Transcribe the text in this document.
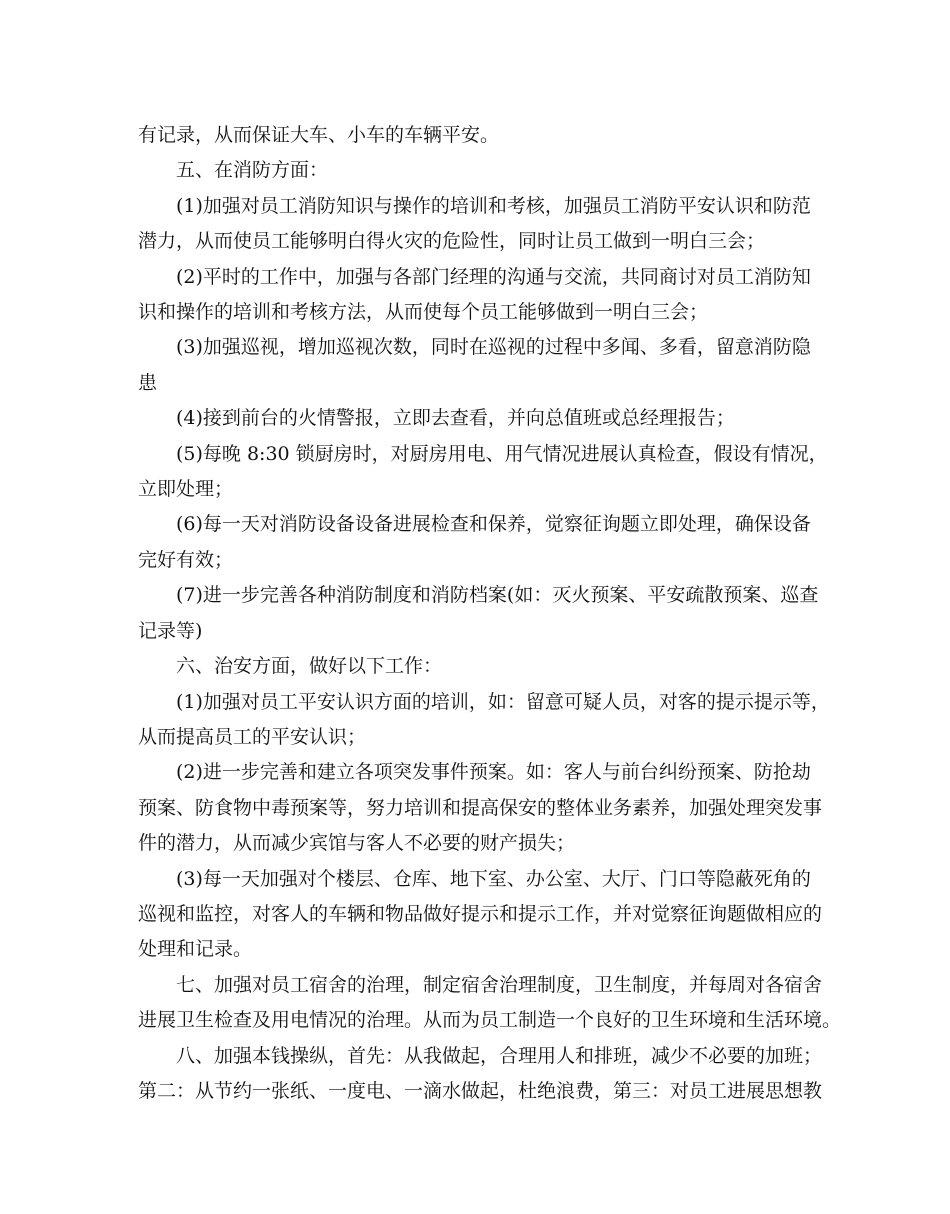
有记录，从而保证大车、小车的车辆平安。

五、在消防方面：

(1)加强对员工消防知识与操作的培训和考核，加强员工消防平安认识和防范

潜力，从而使员工能够明白得火灾的危险性，同时让员工做到一明白三会；

(2)平时的工作中，加强与各部门经理的沟通与交流，共同商讨对员工消防知

识和操作的培训和考核方法，从而使每个员工能够做到一明白三会；

(3)加强巡视，增加巡视次数，同时在巡视的过程中多闻、多看，留意消防隐

患

(4)接到前台的火情警报，立即去查看，并向总值班或总经理报告；

(5)每晚 8:30 锁厨房时，对厨房用电、用气情况进展认真检查，假设有情况，

立即处理；

(6)每一天对消防设备设备进展检查和保养，觉察征询题立即处理，确保设备

完好有效；

(7)进一步完善各种消防制度和消防档案(如：灭火预案、平安疏散预案、巡查

记录等)

六、治安方面，做好以下工作：

(1)加强对员工平安认识方面的培训，如：留意可疑人员，对客的提示提示等，

从而提高员工的平安认识；

(2)进一步完善和建立各项突发事件预案。如：客人与前台纠纷预案、防抢劫

预案、防食物中毒预案等，努力培训和提高保安的整体业务素养，加强处理突发事

件的潜力，从而减少宾馆与客人不必要的财产损失；

(3)每一天加强对个楼层、仓库、地下室、办公室、大厅、门口等隐蔽死角的

巡视和监控，对客人的车辆和物品做好提示和提示工作，并对觉察征询题做相应的

处理和记录。

七、加强对员工宿舍的治理，制定宿舍治理制度，卫生制度，并每周对各宿舍

进展卫生检查及用电情况的治理。从而为员工制造一个良好的卫生环境和生活环境。

八、加强本钱操纵，首先：从我做起，合理用人和排班，减少不必要的加班；

第二：从节约一张纸、一度电、一滴水做起，杜绝浪费，第三：对员工进展思想教
